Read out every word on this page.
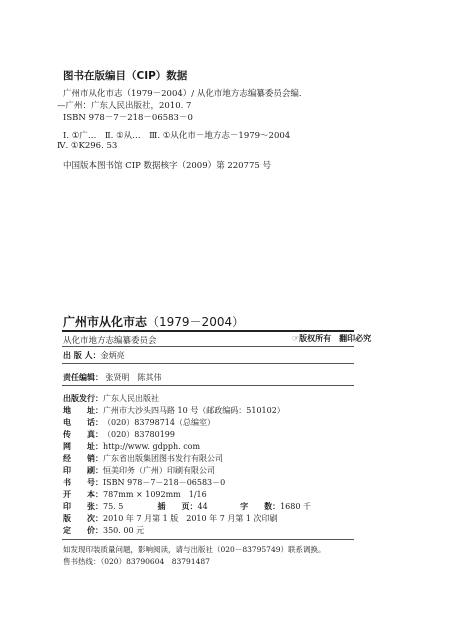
图书在版编目（CIP）数据
广州市从化市志（1979－2004）/ 从化市地方志编纂委员会编.
—广州：广东人民出版社，2010. 7
ISBN 978－7－218－06583－0
Ⅰ. ①广…　Ⅱ. ①从…　Ⅲ. ①从化市－地方志－1979～2004
Ⅳ. ①K296. 53
中国版本图书馆 CIP 数据核字（2009）第 220775 号
广州市从化市志（1979－2004）
从化市地方志编纂委员会	☞版权所有　翻印必究
出 版 人：金炳亮
责任编辑： 张贤明　陈其伟
出版发行：广东人民出版社
地　　址：广州市大沙头四马路 10 号（邮政编码：510102）
电　　话：（020）83798714（总编室）
传　　真：（020）83780199
网　　址：http://www. gdpph. com
经　　销：广东省出版集团图书发行有限公司
印　　刷：恒美印务（广州）印刷有限公司
书　　号：ISBN 978－7－218－06583－0
开　　本：787mm × 1092mm　1/16
印　　张：75. 5	插　　页：44	字　　数：1680 千
版　　次：2010 年 7 月第 1 版　2010 年 7 月第 1 次印刷
定　　价：350. 00 元
如发现印装质量问题，影响阅读，请与出版社（020－83795749）联系调换。
售书热线：（020）83790604　83791487
